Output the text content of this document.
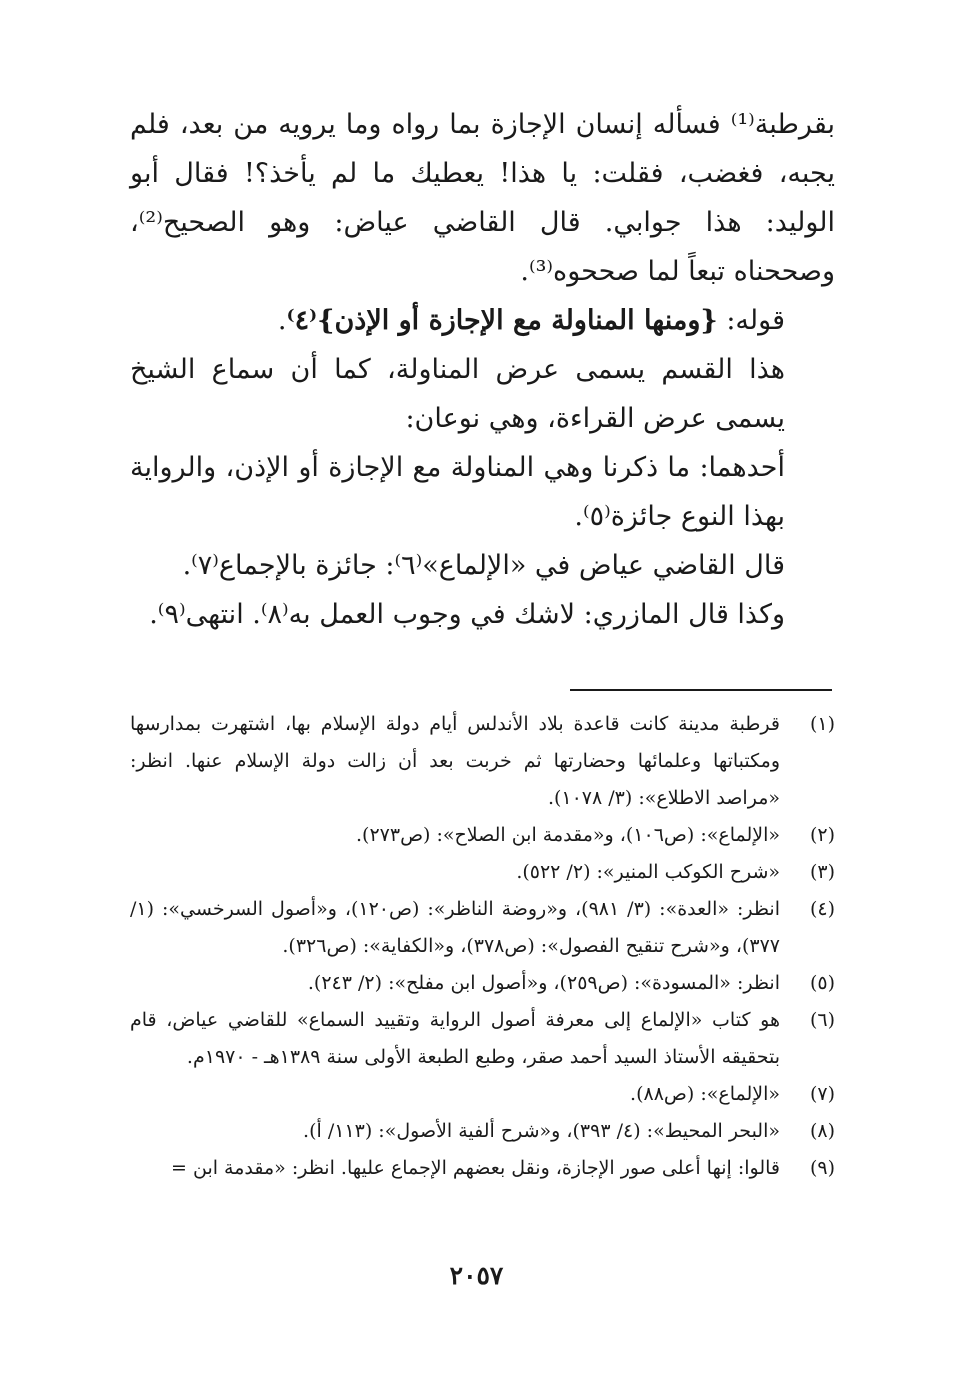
بقرطبة⁽¹⁾ فسأله إنسان الإجازة بما رواه وما يرويه من بعد، فلم يجبه، فغضب، فقلت: يا هذا! يعطيك ما لم يأخذ؟! فقال أبو الوليد: هذا جوابي. قال القاضي عياض: وهو الصحيح⁽²⁾، وصححناه تبعاً لما صححوه⁽³⁾.

قوله: {ومنها المناولة مع الإجازة أو الإذن}⁽٤⁾.

هذا القسم يسمى عرض المناولة، كما أن سماع الشيخ يسمى عرض القراءة، وهي نوعان:

أحدهما: ما ذكرنا وهي المناولة مع الإجازة أو الإذن، والرواية بهذا النوع جائزة⁽٥⁾.

قال القاضي عياض في «الإلماع»⁽٦⁾: جائزة بالإجماع⁽٧⁾.

وكذا قال المازري: لاشك في وجوب العمل به⁽٨⁾. انتهى⁽٩⁾.

(١)
قرطبة مدينة كانت قاعدة بلاد الأندلس أيام دولة الإسلام بها، اشتهرت بمدارسها ومكتباتها وعلمائها وحضارتها ثم خربت بعد أن زالت دولة الإسلام عنها. انظر: «مراصد الاطلاع»: (٣/ ١٠٧٨).
(٢)
«الإلماع»: (ص١٠٦)، و«مقدمة ابن الصلاح»: (ص٢٧٣).
(٣)
«شرح الكوكب المنير»: (٢/ ٥٢٢).
(٤)
انظر: «العدة»: (٣/ ٩٨١)، و«روضة الناظر»: (ص١٢٠)، و«أصول السرخسي»: (١/ ٣٧٧)، و«شرح تنقيح الفصول»: (ص٣٧٨)، و«الكفاية»: (ص٣٢٦).
(٥)
انظر: «المسودة»: (ص٢٥٩)، و«أصول ابن مفلح»: (٢/ ٢٤٣).
(٦)
هو كتاب «الإلماع إلى معرفة أصول الرواية وتقييد السماع» للقاضي عياض، قام بتحقيقه الأستاذ السيد أحمد صقر، وطبع الطبعة الأولى سنة ١٣٨٩هـ - ١٩٧٠م.
(٧)
«الإلماع»: (ص٨٨).
(٨)
«البحر المحيط»: (٤/ ٣٩٣)، و«شرح ألفية الأصول»: (١١٣/ أ).
(٩)
قالوا: إنها أعلى صور الإجازة، ونقل بعضهم الإجماع عليها. انظر: «مقدمة ابن =
٢٠٥٧
